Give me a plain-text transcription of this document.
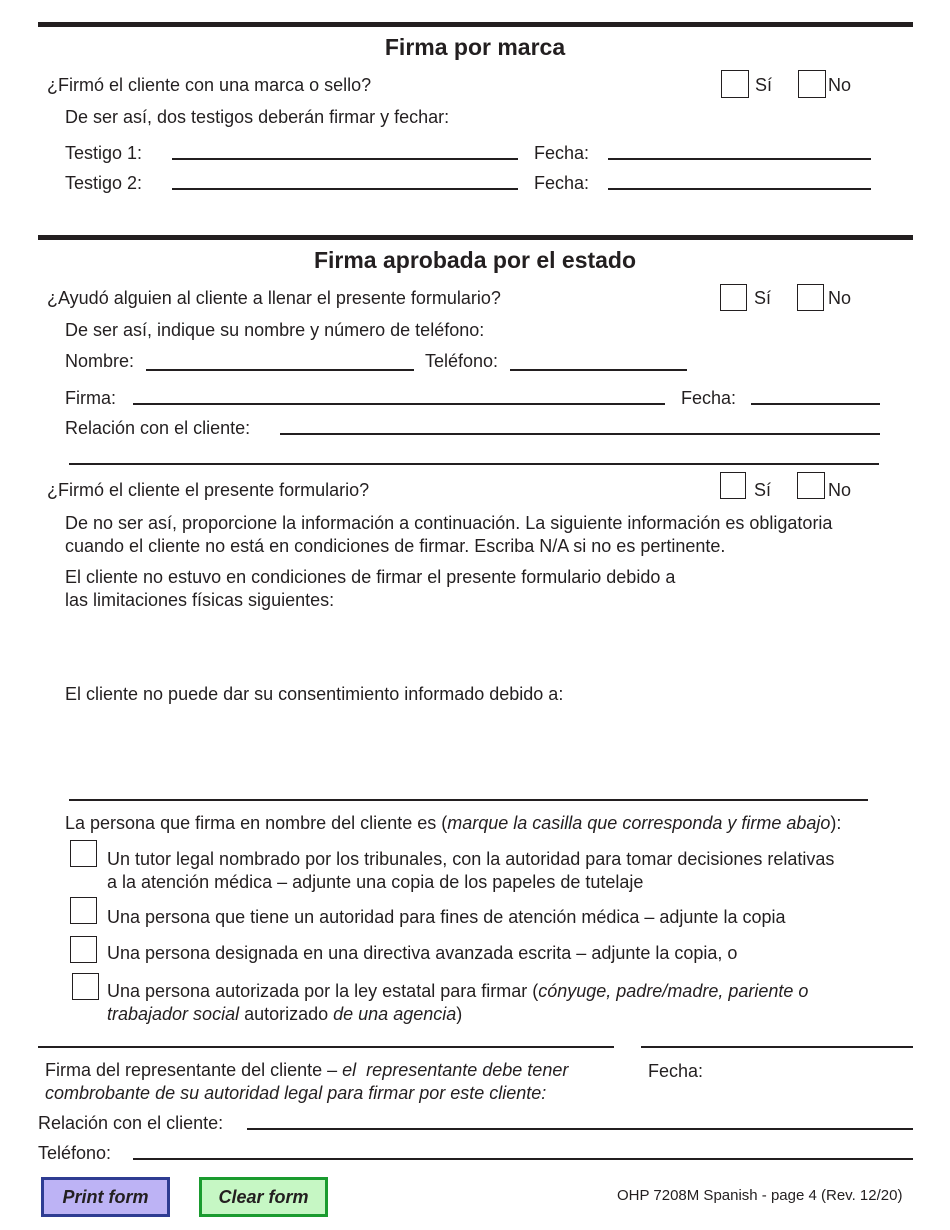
Firma por marca
¿Firmó el cliente con una marca o sello?	Sí	No
De ser así, dos testigos deberán firmar y fechar:
Testigo 1:	Fecha:
Testigo 2:	Fecha:
Firma aprobada por el estado
¿Ayudó alguien al cliente a llenar el presente formulario?	Sí	No
De ser así, indique su nombre y número de teléfono:
Nombre:	Teléfono:
Firma:	Fecha:
Relación con el cliente:
¿Firmó el cliente el presente formulario?	Sí	No
De no ser así, proporcione la información a continuación. La siguiente información es obligatoria
cuando el cliente no está en condiciones de firmar. Escriba N/A si no es pertinente.
El cliente no estuvo en condiciones de firmar el presente formulario debido a
las limitaciones físicas siguientes:
El cliente no puede dar su consentimiento informado debido a:
La persona que firma en nombre del cliente es (marque la casilla que corresponda y firme abajo):
Un tutor legal nombrado por los tribunales, con la autoridad para tomar decisiones relativas
a la atención médica – adjunte una copia de los papeles de tutelaje
Una persona que tiene un autoridad para fines de atención médica – adjunte la copia
Una persona designada en una directiva avanzada escrita – adjunte la copia, o
Una persona autorizada por la ley estatal para firmar (cónyuge, padre/madre, pariente o
trabajador social autorizado de una agencia)
Firma del representante del cliente – el  representante debe tener
combrobante de su autoridad legal para firmar por este cliente:
Fecha:
Relación con el cliente:
Teléfono:
Print form	Clear form	OHP 7208M Spanish - page 4 (Rev. 12/20)
